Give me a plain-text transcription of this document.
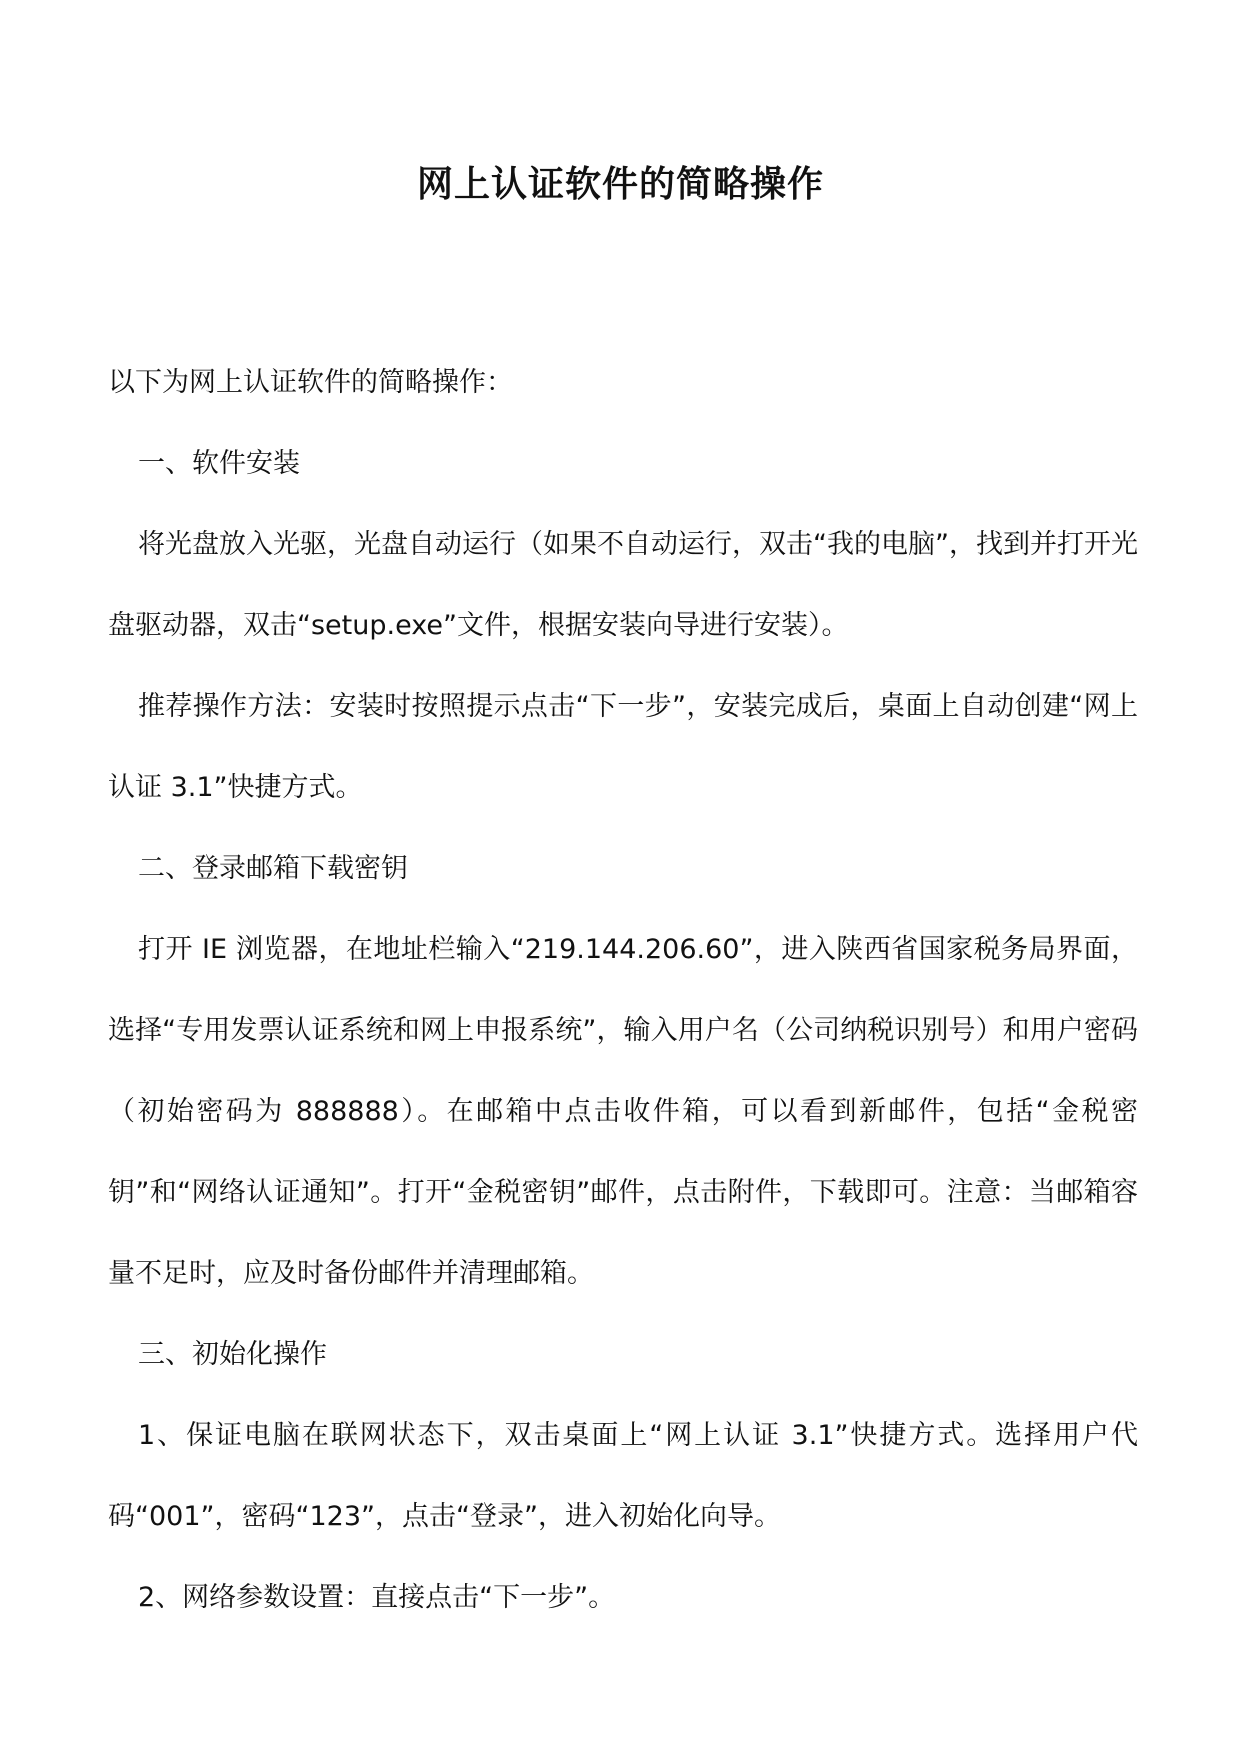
网上认证软件的简略操作

以下为网上认证软件的简略操作：

一、软件安装

将光盘放入光驱，光盘自动运行（如果不自动运行，双击“我的电脑”，找到并打开光盘驱动器，双击“setup.exe”文件，根据安装向导进行安装）。

推荐操作方法：安装时按照提示点击“下一步”，安装完成后，桌面上自动创建“网上认证 3.1”快捷方式。

二、登录邮箱下载密钥

打开 IE 浏览器，在地址栏输入“219.144.206.60”，进入陕西省国家税务局界面，选择“专用发票认证系统和网上申报系统”，输入用户名（公司纳税识别号）和用户密码（初始密码为 888888）。在邮箱中点击收件箱，可以看到新邮件，包括“金税密钥”和“网络认证通知”。打开“金税密钥”邮件，点击附件，下载即可。注意：当邮箱容量不足时，应及时备份邮件并清理邮箱。

三、初始化操作

1、保证电脑在联网状态下，双击桌面上“网上认证 3.1”快捷方式。选择用户代码“001”，密码“123”，点击“登录”，进入初始化向导。

2、网络参数设置：直接点击“下一步”。
